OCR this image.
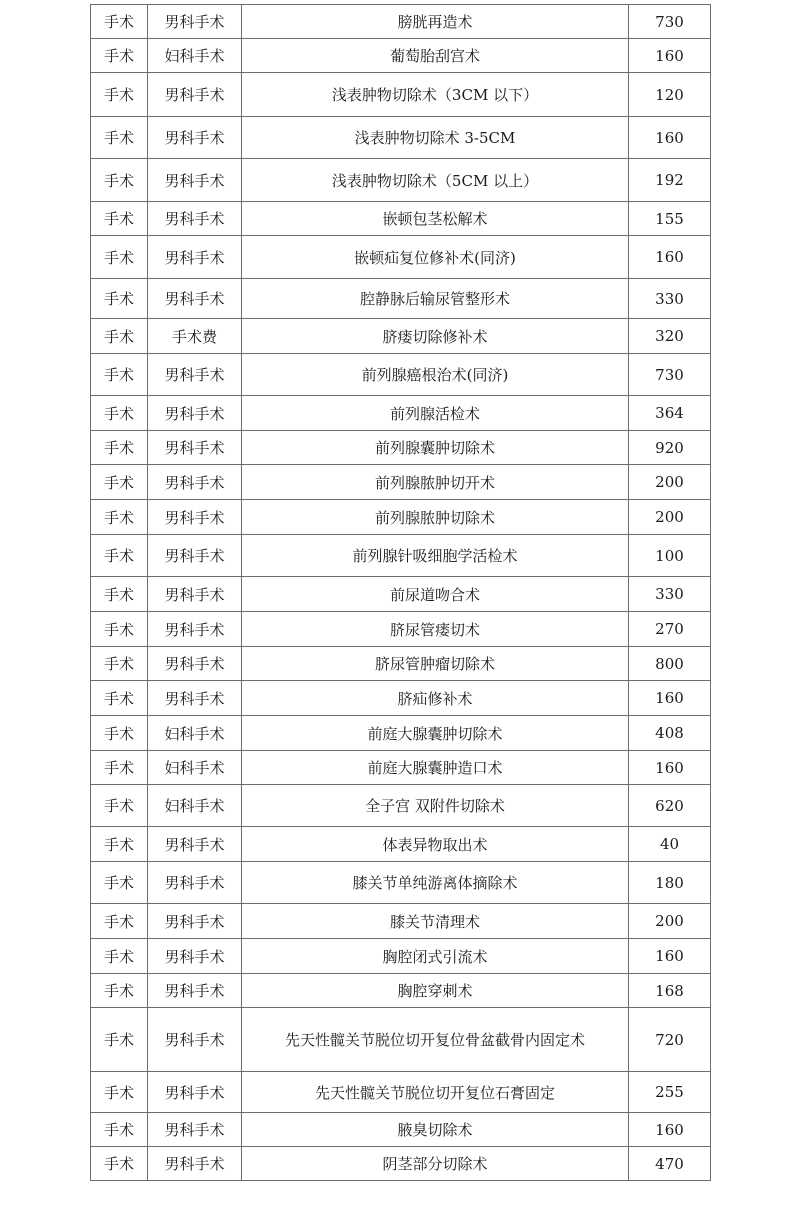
手术	男科手术	膀胱再造术	730
手术	妇科手术	葡萄胎刮宫术	160
手术	男科手术	浅表肿物切除术（3CM 以下）	120
手术	男科手术	浅表肿物切除术 3-5CM	160
手术	男科手术	浅表肿物切除术（5CM 以上）	192
手术	男科手术	嵌顿包茎松解术	155
手术	男科手术	嵌顿疝复位修补术(同济)	160
手术	男科手术	腔静脉后输尿管整形术	330
手术	手术费	脐瘘切除修补术	320
手术	男科手术	前列腺癌根治术(同济)	730
手术	男科手术	前列腺活检术	364
手术	男科手术	前列腺囊肿切除术	920
手术	男科手术	前列腺脓肿切开术	200
手术	男科手术	前列腺脓肿切除术	200
手术	男科手术	前列腺针吸细胞学活检术	100
手术	男科手术	前尿道吻合术	330
手术	男科手术	脐尿管瘘切术	270
手术	男科手术	脐尿管肿瘤切除术	800
手术	男科手术	脐疝修补术	160
手术	妇科手术	前庭大腺囊肿切除术	408
手术	妇科手术	前庭大腺囊肿造口术	160
手术	妇科手术	全子宫 双附件切除术	620
手术	男科手术	体表异物取出术	40
手术	男科手术	膝关节单纯游离体摘除术	180
手术	男科手术	膝关节清理术	200
手术	男科手术	胸腔闭式引流术	160
手术	男科手术	胸腔穿刺术	168
手术	男科手术	先天性髋关节脱位切开复位骨盆截骨内固定术	720
手术	男科手术	先天性髋关节脱位切开复位石膏固定	255
手术	男科手术	腋臭切除术	160
手术	男科手术	阴茎部分切除术	470
